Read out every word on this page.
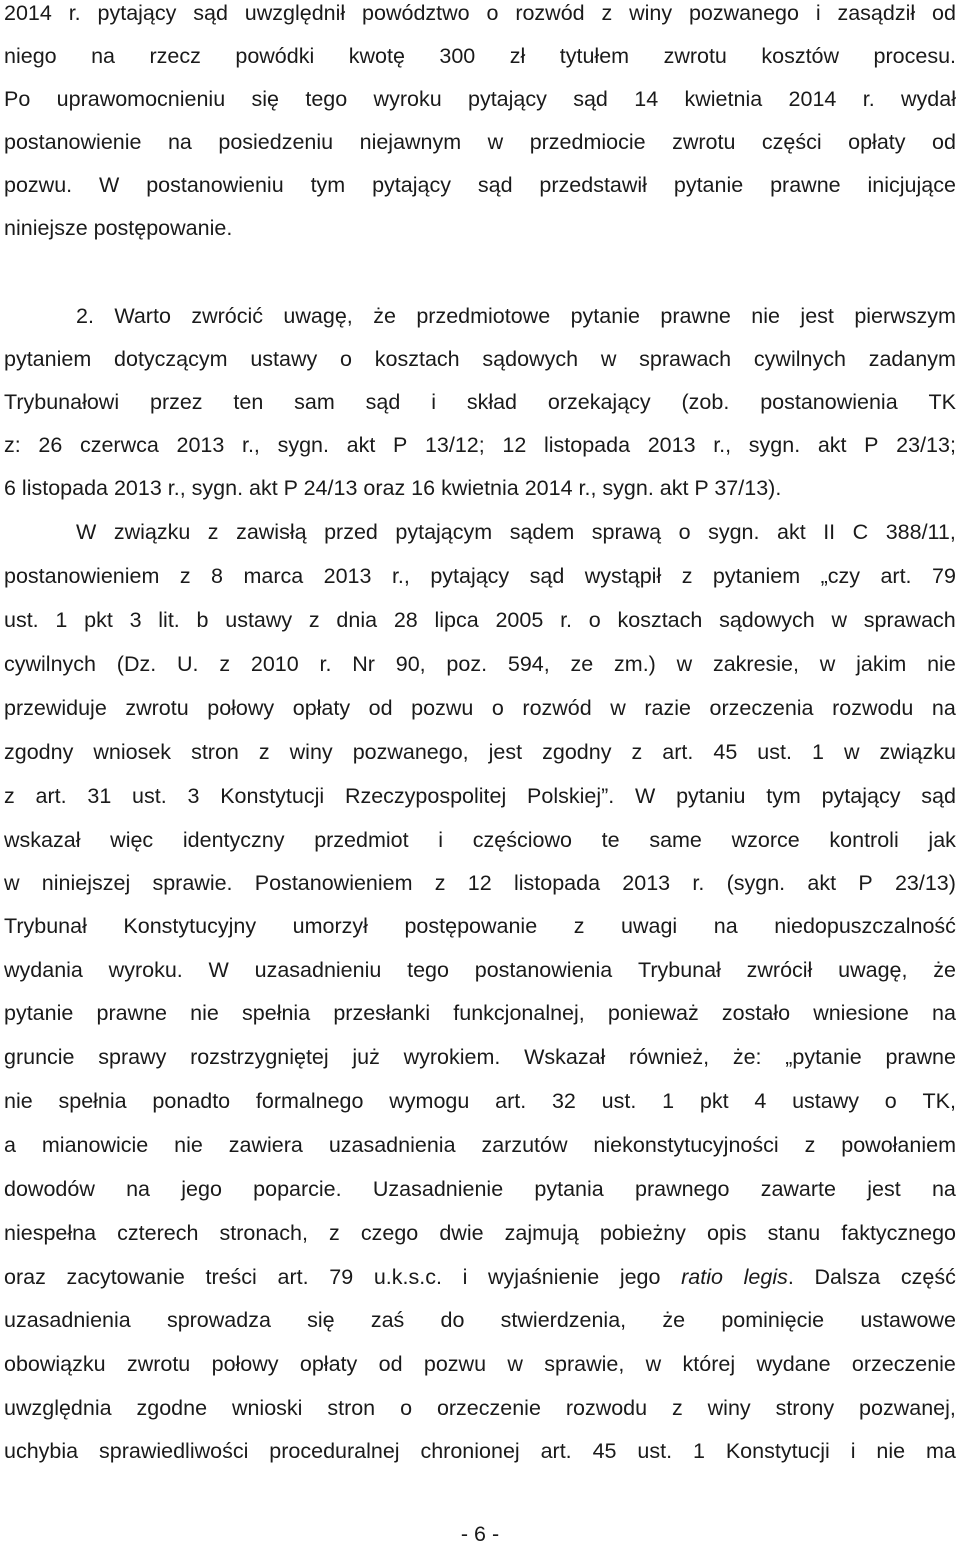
2014 r. pytający sąd uwzględnił powództwo o rozwód z winy pozwanego i zasądził od
niego na rzecz powódki kwotę 300 zł tytułem zwrotu kosztów procesu.
Po uprawomocnieniu się tego wyroku pytający sąd 14 kwietnia 2014 r. wydał
postanowienie na posiedzeniu niejawnym w przedmiocie zwrotu części opłaty od
pozwu. W postanowieniu tym pytający sąd przedstawił pytanie prawne inicjujące
niniejsze postępowanie.
2. Warto zwrócić uwagę, że przedmiotowe pytanie prawne nie jest pierwszym
pytaniem dotyczącym ustawy o kosztach sądowych w sprawach cywilnych zadanym
Trybunałowi przez ten sam sąd i skład orzekający (zob. postanowienia TK
z: 26 czerwca 2013 r., sygn. akt P 13/12; 12 listopada 2013 r., sygn. akt P 23/13;
6 listopada 2013 r., sygn. akt P 24/13 oraz 16 kwietnia 2014 r., sygn. akt P 37/13).
W związku z zawisłą przed pytającym sądem sprawą o sygn. akt II C 388/11,
postanowieniem z 8 marca 2013 r., pytający sąd wystąpił z pytaniem „czy art. 79
ust. 1 pkt 3 lit. b ustawy z dnia 28 lipca 2005 r. o kosztach sądowych w sprawach
cywilnych (Dz. U. z 2010 r. Nr 90, poz. 594, ze zm.) w zakresie, w jakim nie
przewiduje zwrotu połowy opłaty od pozwu o rozwód w razie orzeczenia rozwodu na
zgodny wniosek stron z winy pozwanego, jest zgodny z art. 45 ust. 1 w związku
z art. 31 ust. 3 Konstytucji Rzeczypospolitej Polskiej”. W pytaniu tym pytający sąd
wskazał więc identyczny przedmiot i częściowo te same wzorce kontroli jak
w niniejszej sprawie. Postanowieniem z 12 listopada 2013 r. (sygn. akt P 23/13)
Trybunał Konstytucyjny umorzył postępowanie z uwagi na niedopuszczalność
wydania wyroku. W uzasadnieniu tego postanowienia Trybunał zwrócił uwagę, że
pytanie prawne nie spełnia przesłanki funkcjonalnej, ponieważ zostało wniesione na
gruncie sprawy rozstrzygniętej już wyrokiem. Wskazał również, że: „pytanie prawne
nie spełnia ponadto formalnego wymogu art. 32 ust. 1 pkt 4 ustawy o TK,
a mianowicie nie zawiera uzasadnienia zarzutów niekonstytucyjności z powołaniem
dowodów na jego poparcie. Uzasadnienie pytania prawnego zawarte jest na
niespełna czterech stronach, z czego dwie zajmują pobieżny opis stanu faktycznego
oraz zacytowanie treści art. 79 u.k.s.c. i wyjaśnienie jego ratio legis. Dalsza część
uzasadnienia sprowadza się zaś do stwierdzenia, że pominięcie ustawowe
obowiązku zwrotu połowy opłaty od pozwu w sprawie, w której wydane orzeczenie
uwzględnia zgodne wnioski stron o orzeczenie rozwodu z winy strony pozwanej,
uchybia sprawiedliwości proceduralnej chronionej art. 45 ust. 1 Konstytucji i nie ma
- 6 -
